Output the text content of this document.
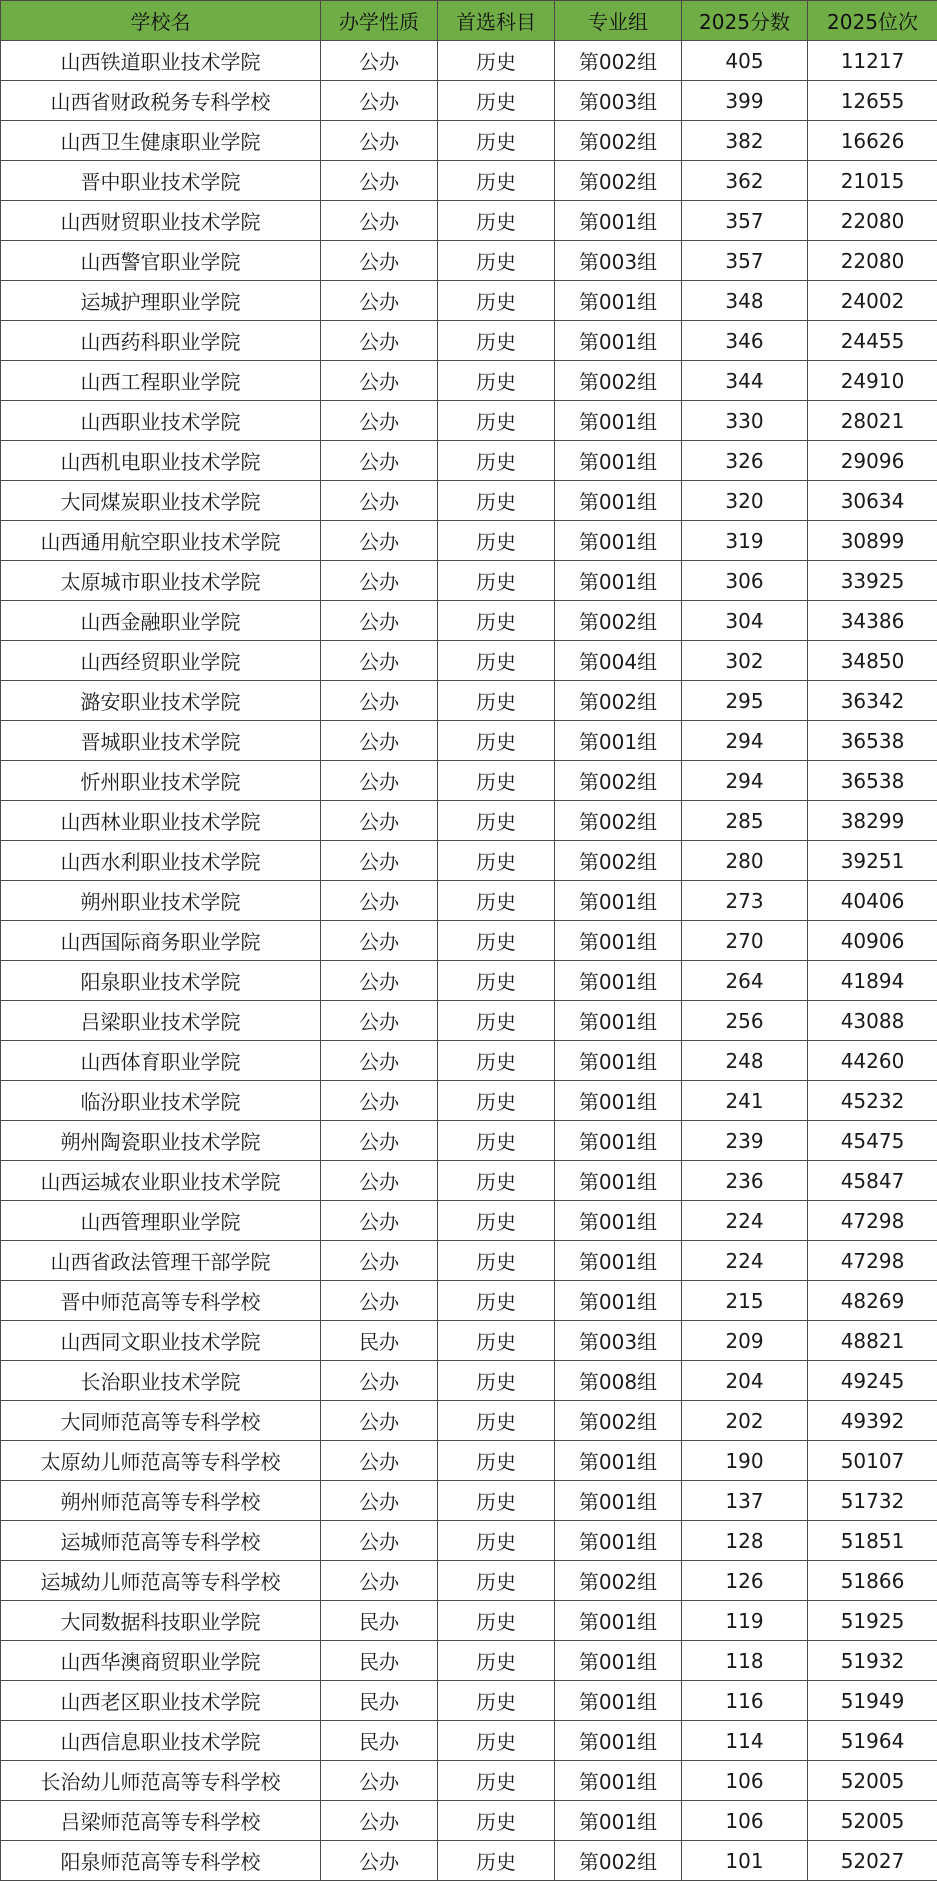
学校名	办学性质	首选科目	专业组	2025分数	2025位次
山西铁道职业技术学院	公办	历史	第002组	405	11217
山西省财政税务专科学校	公办	历史	第003组	399	12655
山西卫生健康职业学院	公办	历史	第002组	382	16626
晋中职业技术学院	公办	历史	第002组	362	21015
山西财贸职业技术学院	公办	历史	第001组	357	22080
山西警官职业学院	公办	历史	第003组	357	22080
运城护理职业学院	公办	历史	第001组	348	24002
山西药科职业学院	公办	历史	第001组	346	24455
山西工程职业学院	公办	历史	第002组	344	24910
山西职业技术学院	公办	历史	第001组	330	28021
山西机电职业技术学院	公办	历史	第001组	326	29096
大同煤炭职业技术学院	公办	历史	第001组	320	30634
山西通用航空职业技术学院	公办	历史	第001组	319	30899
太原城市职业技术学院	公办	历史	第001组	306	33925
山西金融职业学院	公办	历史	第002组	304	34386
山西经贸职业学院	公办	历史	第004组	302	34850
潞安职业技术学院	公办	历史	第002组	295	36342
晋城职业技术学院	公办	历史	第001组	294	36538
忻州职业技术学院	公办	历史	第002组	294	36538
山西林业职业技术学院	公办	历史	第002组	285	38299
山西水利职业技术学院	公办	历史	第002组	280	39251
朔州职业技术学院	公办	历史	第001组	273	40406
山西国际商务职业学院	公办	历史	第001组	270	40906
阳泉职业技术学院	公办	历史	第001组	264	41894
吕梁职业技术学院	公办	历史	第001组	256	43088
山西体育职业学院	公办	历史	第001组	248	44260
临汾职业技术学院	公办	历史	第001组	241	45232
朔州陶瓷职业技术学院	公办	历史	第001组	239	45475
山西运城农业职业技术学院	公办	历史	第001组	236	45847
山西管理职业学院	公办	历史	第001组	224	47298
山西省政法管理干部学院	公办	历史	第001组	224	47298
晋中师范高等专科学校	公办	历史	第001组	215	48269
山西同文职业技术学院	民办	历史	第003组	209	48821
长治职业技术学院	公办	历史	第008组	204	49245
大同师范高等专科学校	公办	历史	第002组	202	49392
太原幼儿师范高等专科学校	公办	历史	第001组	190	50107
朔州师范高等专科学校	公办	历史	第001组	137	51732
运城师范高等专科学校	公办	历史	第001组	128	51851
运城幼儿师范高等专科学校	公办	历史	第002组	126	51866
大同数据科技职业学院	民办	历史	第001组	119	51925
山西华澳商贸职业学院	民办	历史	第001组	118	51932
山西老区职业技术学院	民办	历史	第001组	116	51949
山西信息职业技术学院	民办	历史	第001组	114	51964
长治幼儿师范高等专科学校	公办	历史	第001组	106	52005
吕梁师范高等专科学校	公办	历史	第001组	106	52005
阳泉师范高等专科学校	公办	历史	第002组	101	52027
